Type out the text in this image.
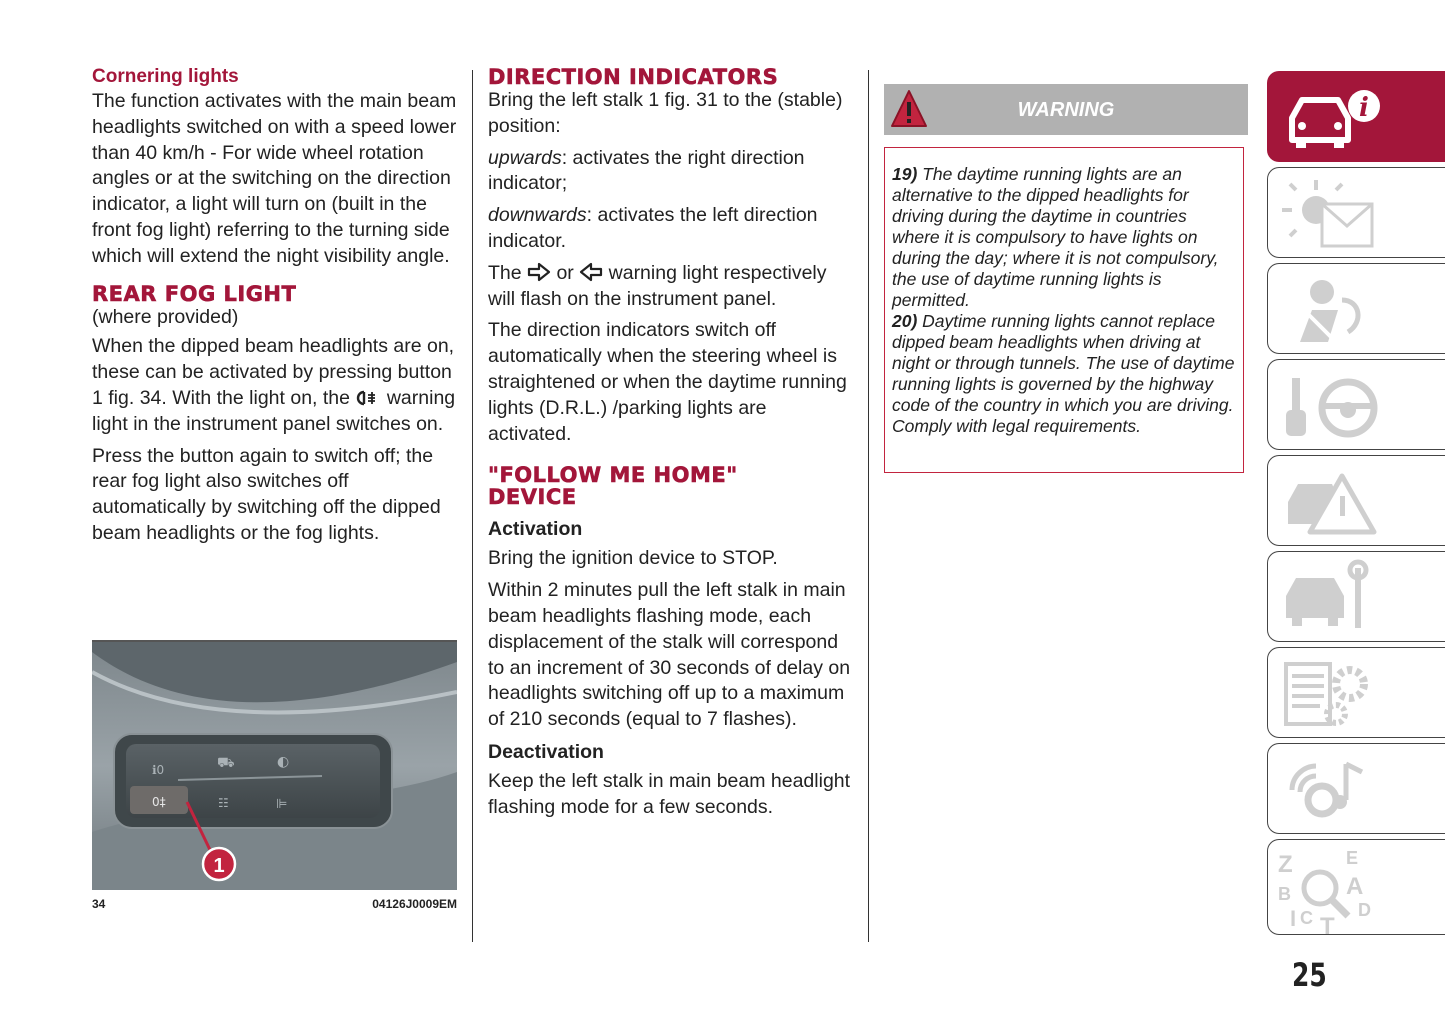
Cornering lights

The function activates with the main beam headlights switched on with a speed lower than 40 km/h - For wide wheel rotation angles or at the switching on the direction indicator, a light will turn on (built in the front fog light) referring to the turning side which will extend the night visibility angle.

REAR FOG LIGHT

(where provided)

When the dipped beam headlights are on, these can be activated by pressing button 1 fig. 34. With the light on, the warning light in the instrument panel switches on.

Press the button again to switch off; the rear fog light also switches off automatically by switching off the dipped beam headlights or the fog lights.

ℹ0	⛟	◐
0‡	☷	⊫
1
34	04126J0009EM
DIRECTION INDICATORS

Bring the left stalk 1 fig. 31 to the (stable) position:

upwards: activates the right direction indicator;

downwards: activates the left direction indicator.

The or warning light respectively will flash on the instrument panel.

The direction indicators switch off automatically when the steering wheel is straightened or when the daytime running lights (D.R.L.) /parking lights are activated.

"FOLLOW ME HOME"
DEVICE
Activation

Bring the ignition device to STOP.

Within 2 minutes pull the left stalk in main beam headlights flashing mode, each displacement of the stalk will correspond to an increment of 30 seconds of delay on headlights switching off up to a maximum of 210 seconds (equal to 7 flashes).

Deactivation

Keep the left stalk in main beam headlight flashing mode for a few seconds.

WARNING

19) The daytime running lights are an alternative to the dipped headlights for driving during the daytime in countries where it is compulsory to have lights on during the day; where it is not compulsory, the use of daytime running lights is permitted.

20) Daytime running lights cannot replace dipped beam headlights when driving at night or through tunnels. The use of daytime running lights is governed by the highway code of the country in which you are driving. Comply with legal requirements.

i
Z	E
B A
I C T
D
25
